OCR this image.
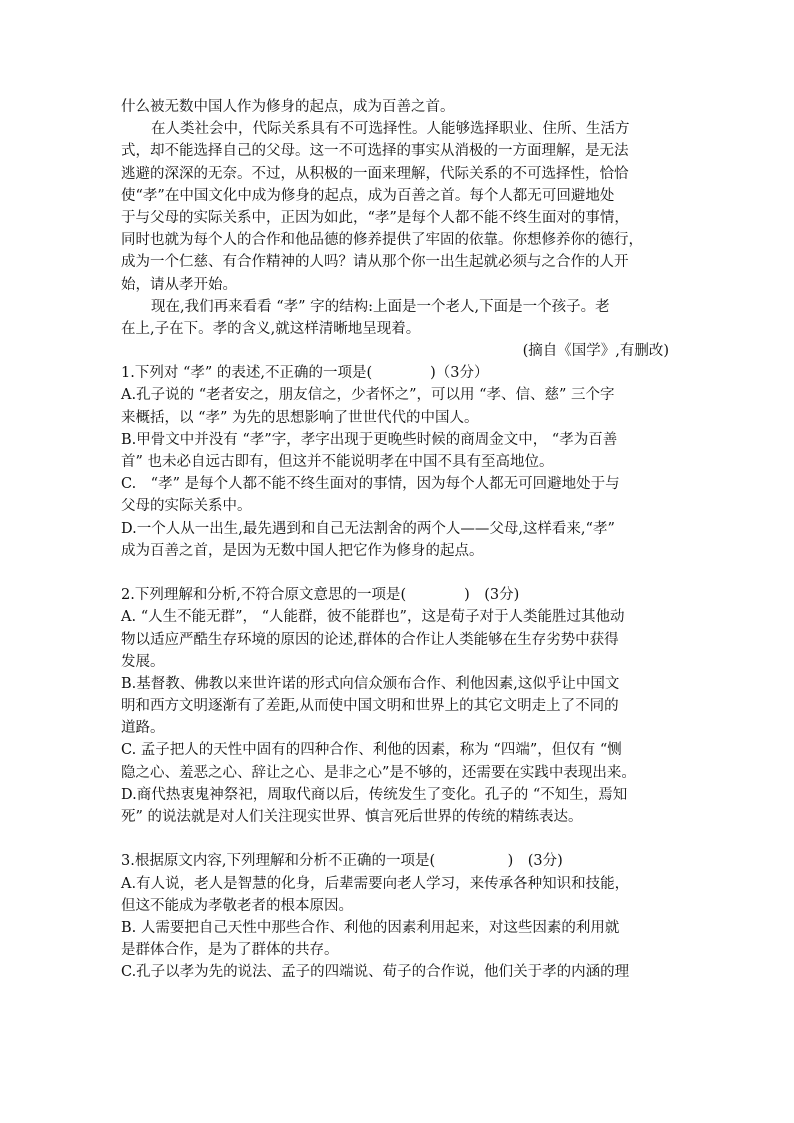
什么被无数中国人作为修身的起点，成为百善之首。
在人类社会中，代际关系具有不可选择性。人能够选择职业、住所、生活方
式，却不能选择自己的父母。这一不可选择的事实从消极的一方面理解，是无法
逃避的深深的无奈。不过，从积极的一面来理解，代际关系的不可选择性，恰恰
使“孝”在中国文化中成为修身的起点，成为百善之首。每个人都无可回避地处
于与父母的实际关系中，正因为如此，“孝”是每个人都不能不终生面对的事情，
同时也就为每个人的合作和他品德的修养提供了牢固的依靠。你想修养你的德行，
成为一个仁慈、有合作精神的人吗？请从那个你一出生起就必须与之合作的人开
始，请从孝开始。
现在,我们再来看看 “孝” 字的结构:上面是一个老人,下面是一个孩子。老
在上,子在下。孝的含义,就这样清晰地呈现着。
(摘自《国学》,有删改)
1.下列对 “孝” 的表述,不正确的一项是(　　　　)（3分）
A.孔子说的 “老者安之，朋友信之，少者怀之”，可以用 “孝、信、慈” 三个字
来概括，以 “孝” 为先的思想影响了世世代代的中国人。
B.甲骨文中并没有 “孝”字，孝字出现于更晚些时候的商周金文中， “孝为百善
首” 也未必自远古即有，但这并不能说明孝在中国不具有至高地位。
C.　“孝” 是每个人都不能不终生面对的事情，因为每个人都无可回避地处于与
父母的实际关系中。
D.一个人从一出生,最先遇到和自己无法割舍的两个人——父母,这样看来,“孝”
成为百善之首，是因为无数中国人把它作为修身的起点。
2.下列理解和分析,不符合原文意思的一项是(　　　　)　(3分)
A. “人生不能无群”， “人能群，彼不能群也”，这是荀子对于人类能胜过其他动
物以适应严酷生存环境的原因的论述,群体的合作让人类能够在生存劣势中获得
发展。
B.基督教、佛教以来世许诺的形式向信众颁布合作、利他因素,这似乎让中国文
明和西方文明逐渐有了差距,从而使中国文明和世界上的其它文明走上了不同的
道路。
C. 孟子把人的天性中固有的四种合作、利他的因素，称为 “四端”，但仅有 “恻
隐之心、羞恶之心、辞让之心、是非之心”是不够的，还需要在实践中表现出来。
D.商代热衷鬼神祭祀，周取代商以后，传统发生了变化。孔子的 “不知生，焉知
死” 的说法就是对人们关注现实世界、慎言死后世界的传统的精练表达。
3.根据原文内容,下列理解和分析不正确的一项是(　　　　　)　(3分)
A.有人说，老人是智慧的化身，后辈需要向老人学习，来传承各种知识和技能，
但这不能成为孝敬老者的根本原因。
B. 人需要把自己天性中那些合作、利他的因素利用起来，对这些因素的利用就
是群体合作，是为了群体的共存。
C.孔子以孝为先的说法、孟子的四端说、荀子的合作说，他们关于孝的内涵的理
